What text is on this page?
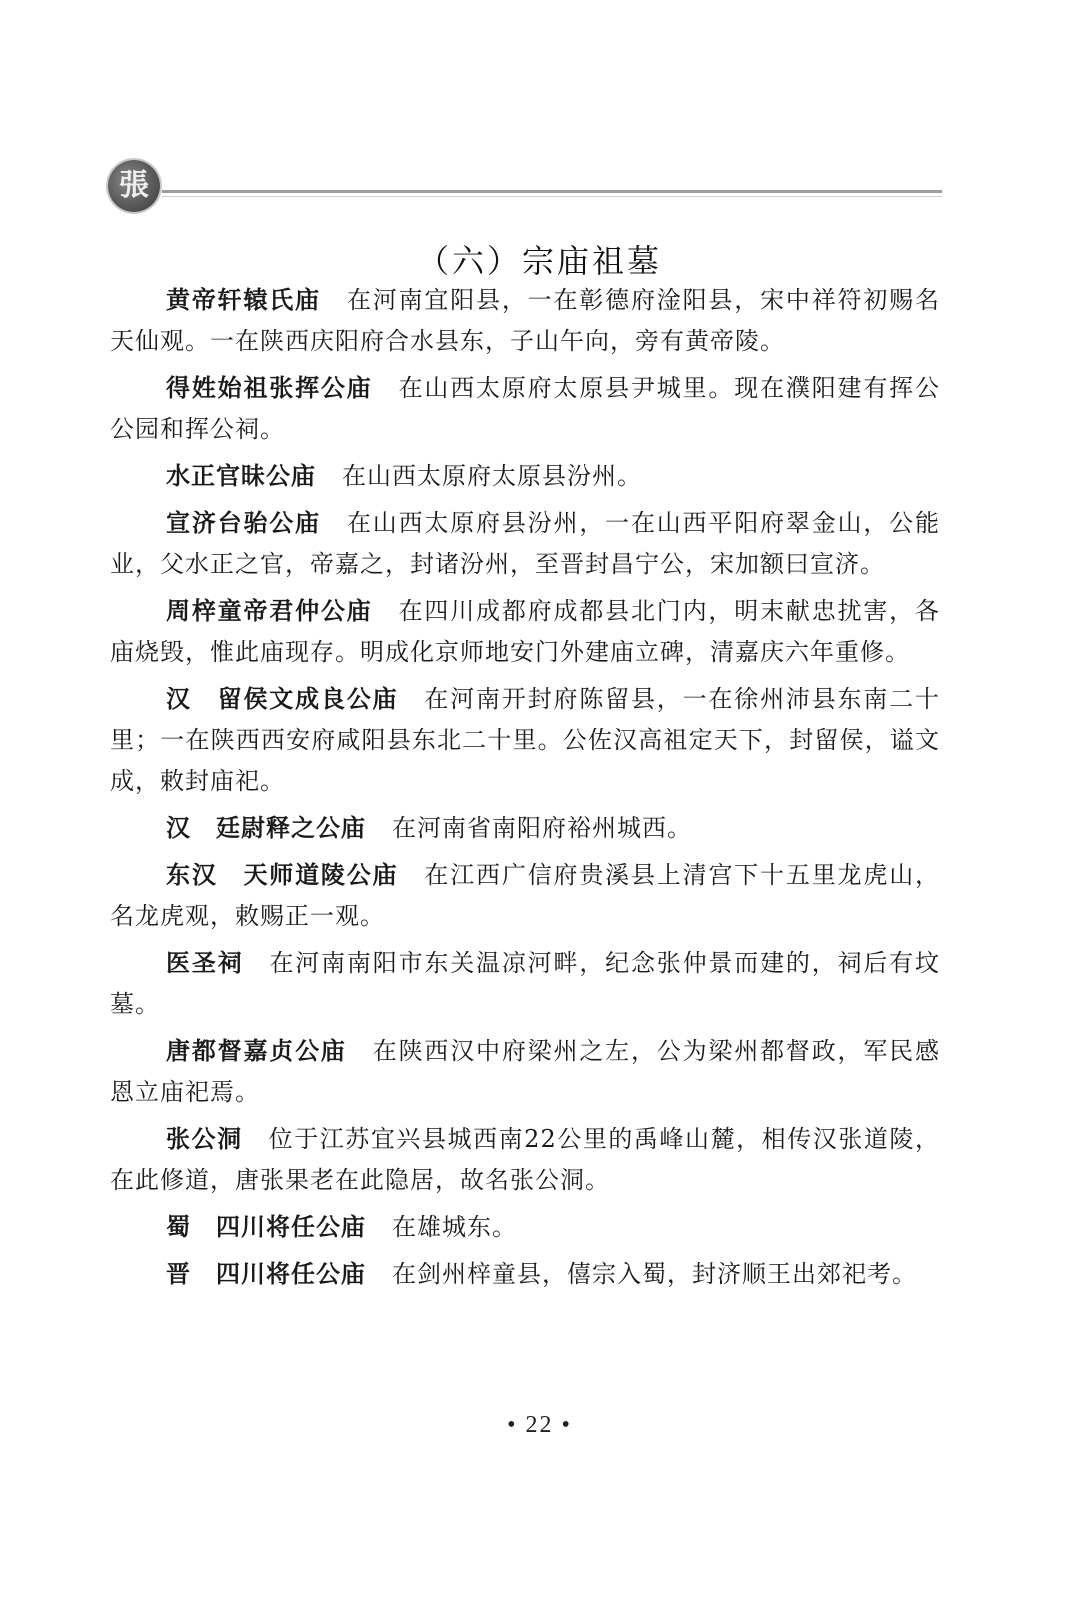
張
（六）宗庙祖墓

黄帝轩辕氏庙 在河南宜阳县，一在彰德府淦阳县，宋中祥符初赐名天仙观。一在陕西庆阳府合水县东，子山午向，旁有黄帝陵。

得姓始祖张挥公庙 在山西太原府太原县尹城里。现在濮阳建有挥公公园和挥公祠。

水正官昧公庙 在山西太原府太原县汾州。

宣济台骀公庙 在山西太原府县汾州，一在山西平阳府翠金山，公能业，父水正之官，帝嘉之，封诸汾州，至晋封昌宁公，宋加额曰宣济。

周梓童帝君仲公庙 在四川成都府成都县北门内，明末献忠扰害，各庙烧毁，惟此庙现存。明成化京师地安门外建庙立碑，清嘉庆六年重修。

汉　留侯文成良公庙 在河南开封府陈留县，一在徐州沛县东南二十里；一在陕西西安府咸阳县东北二十里。公佐汉高祖定天下，封留侯，谥文成，敕封庙祀。

汉　廷尉释之公庙 在河南省南阳府裕州城西。

东汉　天师道陵公庙 在江西广信府贵溪县上清宫下十五里龙虎山，名龙虎观，敕赐正一观。

医圣祠 在河南南阳市东关温凉河畔，纪念张仲景而建的，祠后有坟墓。

唐都督嘉贞公庙 在陕西汉中府梁州之左，公为梁州都督政，军民感恩立庙祀焉。

张公洞 位于江苏宜兴县城西南22公里的禹峰山麓，相传汉张道陵，在此修道，唐张果老在此隐居，故名张公洞。

蜀　四川将任公庙 在雄城东。

晋　四川将任公庙 在剑州梓童县，僖宗入蜀，封济顺王出郊祀考。

• 22 •
